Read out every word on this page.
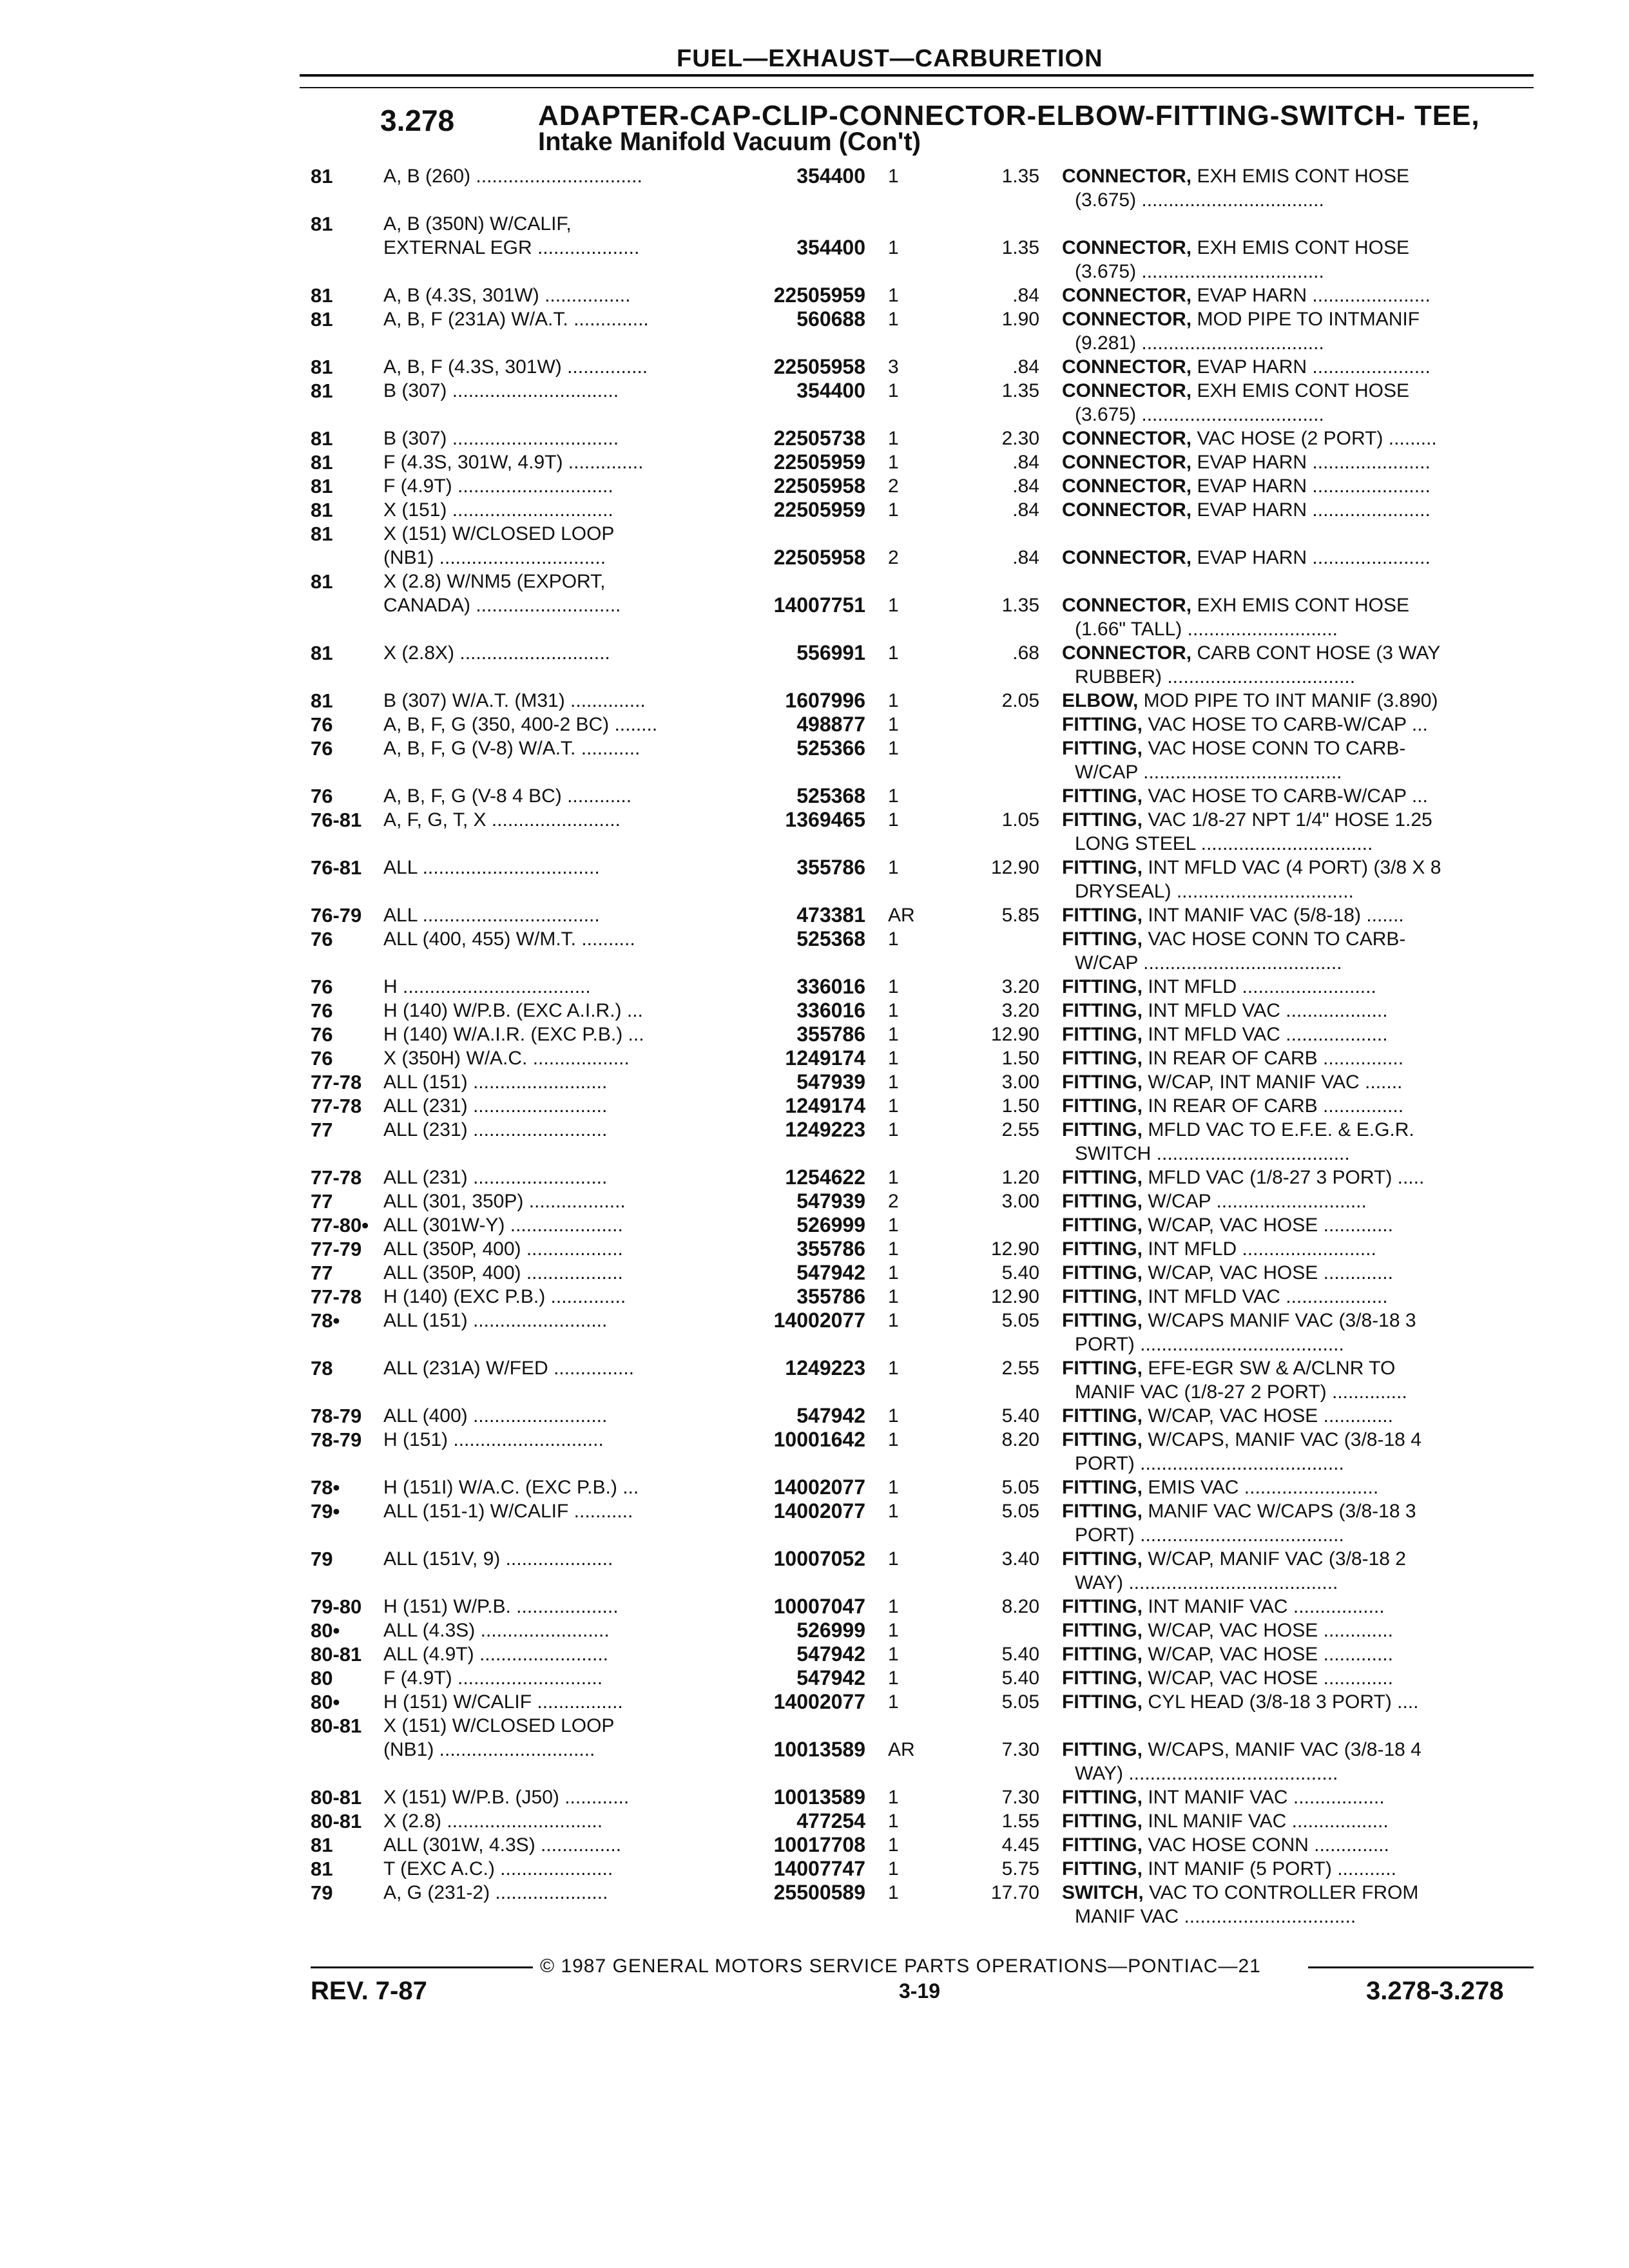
FUEL—EXHAUST—CARBURETION
3.278	ADAPTER-CAP-CLIP-CONNECTOR-ELBOW-FITTING-SWITCH- TEE,
Intake Manifold Vacuum (Con't)
81	A, B (260) ...............................	354400 1	1.35 CONNECTOR, EXH EMIS CONT HOSE
(3.675) ..................................
81	A, B (350N) W/CALIF,
EXTERNAL EGR ...................	354400 1	1.35 CONNECTOR, EXH EMIS CONT HOSE
(3.675) ..................................
81	A, B (4.3S, 301W) ................	22505959 1	.84 CONNECTOR, EVAP HARN ......................
81	A, B, F (231A) W/A.T. ..............	560688 1	1.90 CONNECTOR, MOD PIPE TO INTMANIF
(9.281) ..................................
81	A, B, F (4.3S, 301W) ...............	22505958 3	.84 CONNECTOR, EVAP HARN ......................
81	B (307) ...............................	354400 1	1.35 CONNECTOR, EXH EMIS CONT HOSE
(3.675) ..................................
81	B (307) ...............................	22505738 1	2.30 CONNECTOR, VAC HOSE (2 PORT) .........
81	F (4.3S, 301W, 4.9T) ..............	22505959 1	.84 CONNECTOR, EVAP HARN ......................
81	F (4.9T) .............................	22505958 2	.84 CONNECTOR, EVAP HARN ......................
81	X (151) ..............................	22505959 1	.84 CONNECTOR, EVAP HARN ......................
81	X (151) W/CLOSED LOOP
(NB1) ...............................	22505958 2	.84 CONNECTOR, EVAP HARN ......................
81	X (2.8) W/NM5 (EXPORT,
CANADA) ...........................	14007751 1	1.35 CONNECTOR, EXH EMIS CONT HOSE
(1.66" TALL) ............................
81	X (2.8X) ............................	556991 1	.68 CONNECTOR, CARB CONT HOSE (3 WAY
RUBBER) ...................................
81	B (307) W/A.T. (M31) ..............	1607996 1	2.05 ELBOW, MOD PIPE TO INT MANIF (3.890)
76	A, B, F, G (350, 400-2 BC) ........	498877 1	FITTING, VAC HOSE TO CARB-W/CAP ...
76	A, B, F, G (V-8) W/A.T. ...........	525366 1	FITTING, VAC HOSE CONN TO CARB-
W/CAP .....................................
76	A, B, F, G (V-8 4 BC) ............	525368 1	FITTING, VAC HOSE TO CARB-W/CAP ...
76-81 A, F, G, T, X ........................	1369465 1	1.05 FITTING, VAC 1/8-27 NPT 1/4" HOSE 1.25
LONG STEEL ................................
76-81 ALL .................................	355786 1	12.90 FITTING, INT MFLD VAC (4 PORT) (3/8 X 8
DRYSEAL) .................................
76-79 ALL .................................	473381 AR	5.85 FITTING, INT MANIF VAC (5/8-18) .......
76	ALL (400, 455) W/M.T. ..........	525368 1	FITTING, VAC HOSE CONN TO CARB-
W/CAP .....................................
76	H ...................................	336016 1	3.20 FITTING, INT MFLD .........................
76	H (140) W/P.B. (EXC A.I.R.) ...	336016 1	3.20 FITTING, INT MFLD VAC ...................
76	H (140) W/A.I.R. (EXC P.B.) ...	355786 1	12.90 FITTING, INT MFLD VAC ...................
76	X (350H) W/A.C. ..................	1249174 1	1.50 FITTING, IN REAR OF CARB ...............
77-78 ALL (151) .........................	547939 1	3.00 FITTING, W/CAP, INT MANIF VAC .......
77-78 ALL (231) .........................	1249174 1	1.50 FITTING, IN REAR OF CARB ...............
77	ALL (231) .........................	1249223 1	2.55 FITTING, MFLD VAC TO E.F.E. & E.G.R.
SWITCH ....................................
77-78 ALL (231) .........................	1254622 1	1.20 FITTING, MFLD VAC (1/8-27 3 PORT) .....
77	ALL (301, 350P) ..................	547939 2	3.00 FITTING, W/CAP ............................
77-80• ALL (301W-Y) .....................	526999 1	FITTING, W/CAP, VAC HOSE .............
77-79 ALL (350P, 400) ..................	355786 1	12.90 FITTING, INT MFLD .........................
77	ALL (350P, 400) ..................	547942 1	5.40 FITTING, W/CAP, VAC HOSE .............
77-78 H (140) (EXC P.B.) ..............	355786 1	12.90 FITTING, INT MFLD VAC ...................
78• ALL (151) .........................	14002077 1	5.05 FITTING, W/CAPS MANIF VAC (3/8-18 3
PORT) ......................................
78	ALL (231A) W/FED ...............	1249223 1	2.55 FITTING, EFE-EGR SW & A/CLNR TO
MANIF VAC (1/8-27 2 PORT) ..............
78-79 ALL (400) .........................	547942 1	5.40 FITTING, W/CAP, VAC HOSE .............
78-79 H (151) ............................	10001642 1	8.20 FITTING, W/CAPS, MANIF VAC (3/8-18 4
PORT) ......................................
78• H (151I) W/A.C. (EXC P.B.) ...	14002077 1	5.05 FITTING, EMIS VAC .........................
79• ALL (151-1) W/CALIF ...........	14002077 1	5.05 FITTING, MANIF VAC W/CAPS (3/8-18 3
PORT) ......................................
79	ALL (151V, 9) ....................	10007052 1	3.40 FITTING, W/CAP, MANIF VAC (3/8-18 2
WAY) .......................................
79-80 H (151) W/P.B. ...................	10007047 1	8.20 FITTING, INT MANIF VAC .................
80• ALL (4.3S) ........................	526999 1	FITTING, W/CAP, VAC HOSE .............
80-81 ALL (4.9T) ........................	547942 1	5.40 FITTING, W/CAP, VAC HOSE .............
80	F (4.9T) ...........................	547942 1	5.40 FITTING, W/CAP, VAC HOSE .............
80• H (151) W/CALIF ................	14002077 1	5.05 FITTING, CYL HEAD (3/8-18 3 PORT) ....
80-81 X (151) W/CLOSED LOOP
(NB1) .............................	10013589 AR	7.30 FITTING, W/CAPS, MANIF VAC (3/8-18 4
WAY) .......................................
80-81 X (151) W/P.B. (J50) ............	10013589 1	7.30 FITTING, INT MANIF VAC .................
80-81 X (2.8) .............................	477254 1	1.55 FITTING, INL MANIF VAC ..................
81	ALL (301W, 4.3S) ...............	10017708 1	4.45 FITTING, VAC HOSE CONN ..............
81	T (EXC A.C.) .....................	14007747 1	5.75 FITTING, INT MANIF (5 PORT) ...........
79	A, G (231-2) .....................	25500589 1	17.70 SWITCH, VAC TO CONTROLLER FROM
MANIF VAC ................................
© 1987 GENERAL MOTORS SERVICE PARTS OPERATIONS—PONTIAC—21
REV. 7-87	3-19	3.278-3.278
